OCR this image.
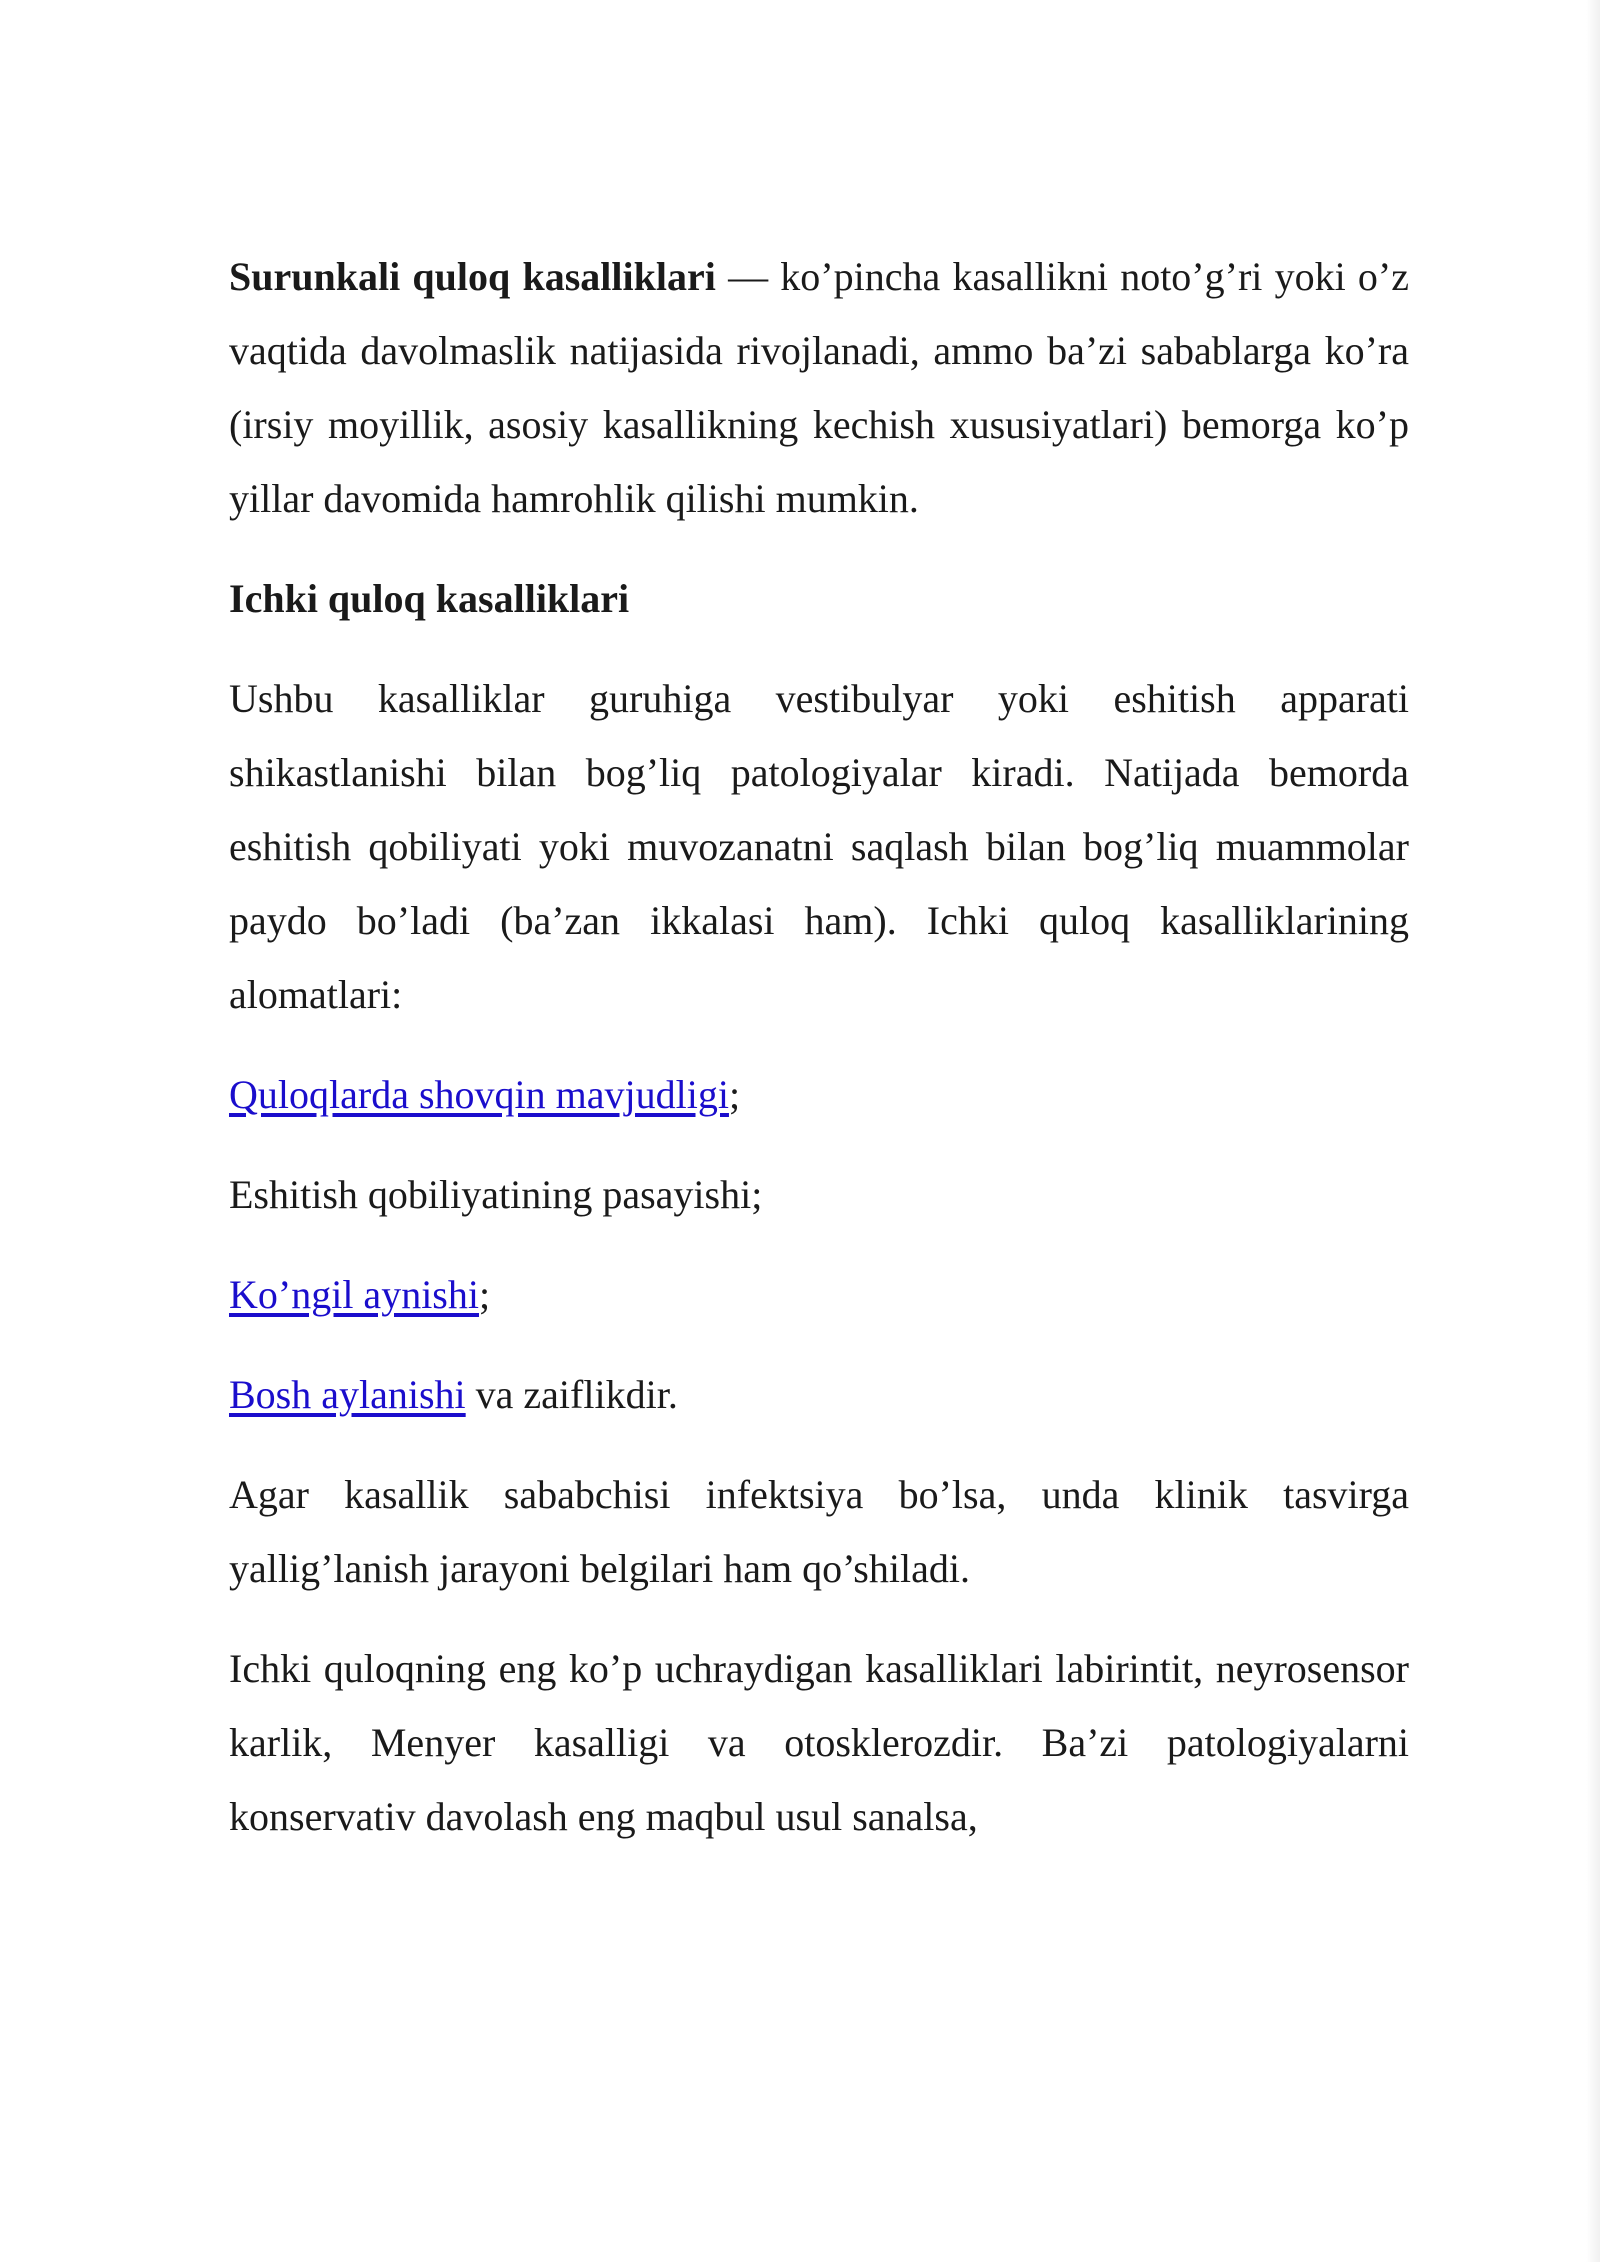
Surunkali quloq kasalliklari — ko’pincha kasallikni noto’g’ri yoki o’z vaqtida davolmaslik natijasida rivojlanadi, ammo ba’zi sabablarga ko’ra (irsiy moyillik, asosiy kasallikning kechish xususiyatlari) bemorga ko’p yillar davomida hamrohlik qilishi mumkin.

Ichki quloq kasalliklari

Ushbu kasalliklar guruhiga vestibulyar yoki eshitish apparati shikastlanishi bilan bog’liq patologiyalar kiradi. Natijada bemorda eshitish qobiliyati yoki muvozanatni saqlash bilan bog’liq muammolar paydo bo’ladi (ba’zan ikkalasi ham). Ichki quloq kasalliklarining alomatlari:

Quloqlarda shovqin mavjudligi;

Eshitish qobiliyatining pasayishi;

Ko’ngil aynishi;

Bosh aylanishi va zaiflikdir.

Agar kasallik sababchisi infektsiya bo’lsa, unda klinik tasvirga yallig’lanish jarayoni belgilari ham qo’shiladi.

Ichki quloqning eng ko’p uchraydigan kasalliklari labirintit, neyrosensor karlik, Menyer kasalligi va otosklerozdir. Ba’zi patologiyalarni konservativ davolash eng maqbul usul sanalsa,
